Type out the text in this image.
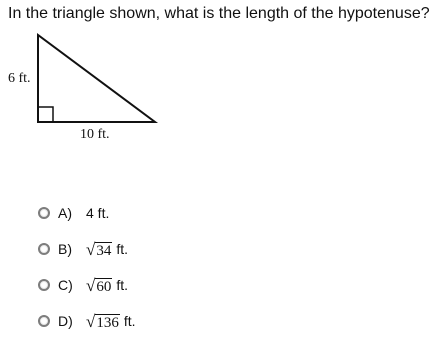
In the triangle shown, what is the length of the hypotenuse?
6 ft.
10 ft.
A)	4 ft.
B) √ 34 ft.
C) √ 60 ft.
D) √ 136 ft.
